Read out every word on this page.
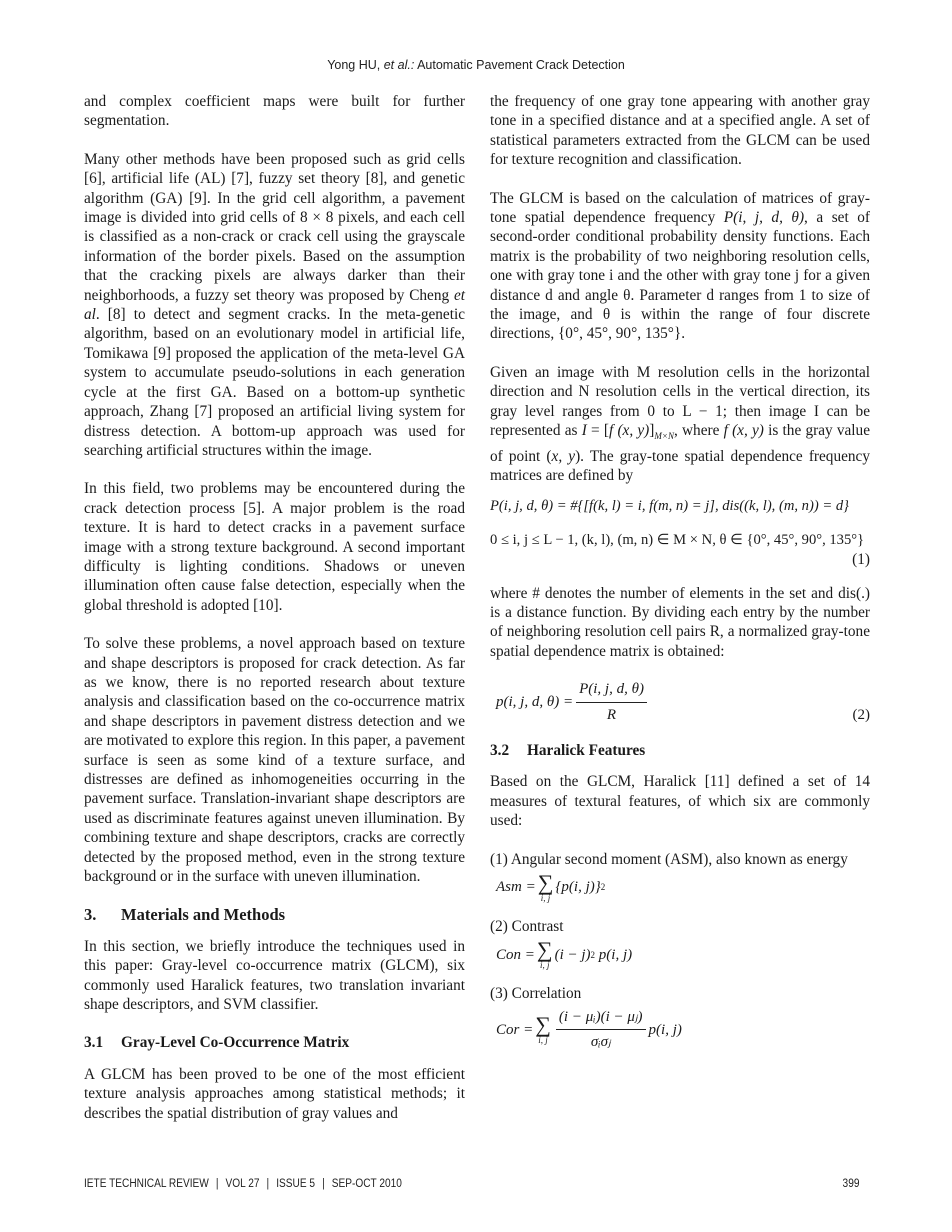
Yong HU, et al.: Automatic Pavement Crack Detection

and complex coefficient maps were built for further segmentation.

Many other methods have been proposed such as grid cells [6], artificial life (AL) [7], fuzzy set theory [8], and genetic algorithm (GA) [9]. In the grid cell algorithm, a pavement image is divided into grid cells of 8 × 8 pixels, and each cell is classified as a non-crack or crack cell using the grayscale information of the border pixels. Based on the assumption that the cracking pixels are always darker than their neighborhoods, a fuzzy set theory was proposed by Cheng et al. [8] to detect and segment cracks. In the meta-genetic algorithm, based on an evolutionary model in artificial life, Tomikawa [9] proposed the application of the meta-level GA system to accumulate pseudo-solutions in each generation cycle at the first GA. Based on a bottom-up synthetic approach, Zhang [7] proposed an artificial living system for distress detection. A bottom-up approach was used for searching artificial structures within the image.

In this field, two problems may be encountered during the crack detection process [5]. A major problem is the road texture. It is hard to detect cracks in a pavement surface image with a strong texture background. A second important difficulty is lighting conditions. Shadows or uneven illumination often cause false detection, especially when the global threshold is adopted [10].

To solve these problems, a novel approach based on texture and shape descriptors is proposed for crack detection. As far as we know, there is no reported research about texture analysis and classification based on the co-occurrence matrix and shape descriptors in pavement distress detection and we are motivated to explore this region. In this paper, a pavement surface is seen as some kind of a texture surface, and distresses are defined as inhomogeneities occurring in the pavement surface. Translation-invariant shape descriptors are used as discriminate features against uneven illumination. By combining texture and shape descriptors, cracks are correctly detected by the proposed method, even in the strong texture background or in the surface with uneven illumination.

3. Materials and Methods

In this section, we briefly introduce the techniques used in this paper: Gray-level co-occurrence matrix (GLCM), six commonly used Haralick features, two translation invariant shape descriptors, and SVM classifier.

3.1 Gray-Level Co-Occurrence Matrix

A GLCM has been proved to be one of the most efficient texture analysis approaches among statistical methods; it describes the spatial distribution of gray values and

the frequency of one gray tone appearing with another gray tone in a specified distance and at a specified angle. A set of statistical parameters extracted from the GLCM can be used for texture recognition and classification.

The GLCM is based on the calculation of matrices of gray-tone spatial dependence frequency P(i, j, d, θ), a set of second-order conditional probability density functions. Each matrix is the probability of two neighboring resolution cells, one with gray tone i and the other with gray tone j for a given distance d and angle θ. Parameter d ranges from 1 to size of the image, and θ is within the range of four discrete directions, {0°, 45°, 90°, 135°}.

Given an image with M resolution cells in the horizontal direction and N resolution cells in the vertical direction, its gray level ranges from 0 to L − 1; then image I can be represented as I = [f (x, $y)]_{M\times N}$, where f (x, y) is the gray value of point (x, y). The gray-tone spatial dependence frequency matrices are defined by

P(i, j, d, θ) = #{[f(k, l) = i, f(m, n) = j], dis((k, l), (m, n)) = d}

0 ≤ i, j ≤ L − 1, (k, l), (m, n) ∈ M × N, θ ∈ {0°, 45°, 90°, 135°}

(1)

where # denotes the number of elements in the set and dis(.) is a distance function. By dividing each entry by the number of neighboring resolution cell pairs R, a normalized gray-tone spatial dependence matrix is obtained:

p(i, j, d, $\theta) = \frac{P(i, j, d, \theta)}{R}$	(2)
3.2 Haralick Features

Based on the GLCM, Haralick [11] defined a set of 14 measures of textural features, of which six are commonly used:

(1) Angular second moment (ASM), also known as energy

Asm = ∑
i, j
{p(i, j)} 2

(2) Contrast

Con = ∑
i, j
(i − j) 2 p(i, j)

(3) Correlation

Cor = ∑
i, j $\frac{\text{(i − μᵢ)(i − μⱼ)}}{\text{σᵢσⱼ}} p(i$, j)
IETE TECHNICAL REVIEW | VOL 27 | ISSUE 5 | SEP-OCT 2010	399
